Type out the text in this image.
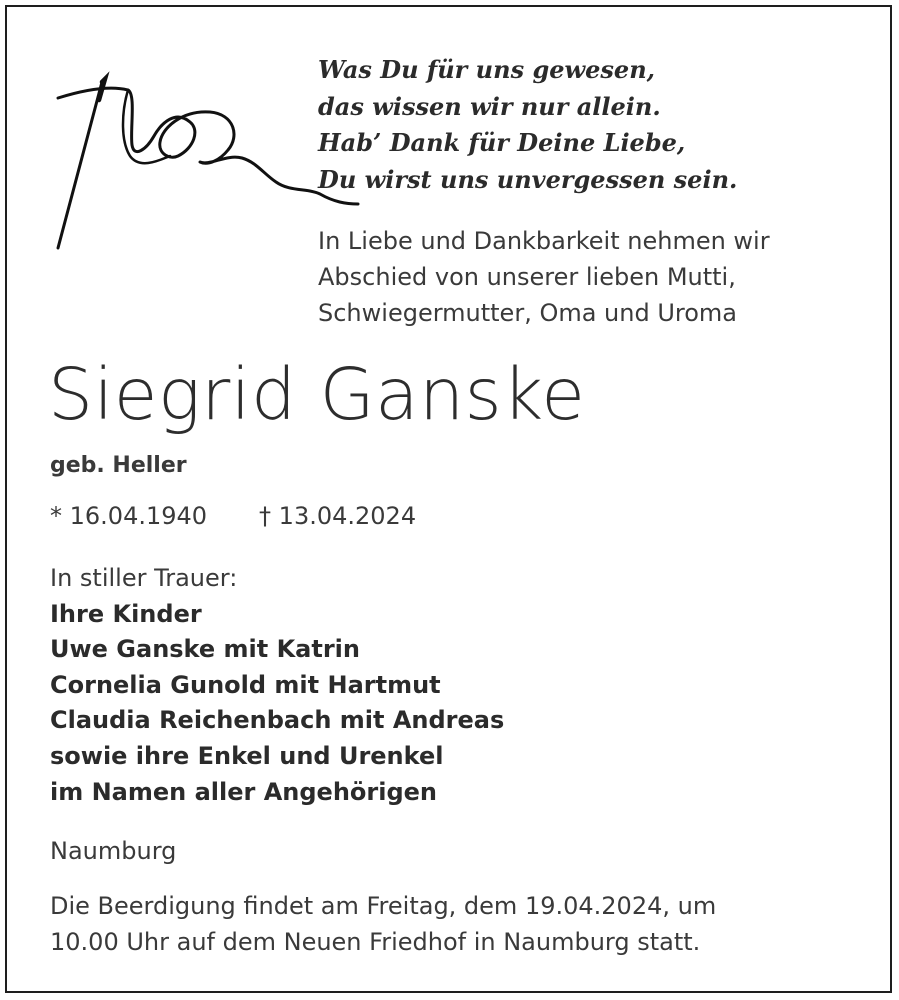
Was Du für uns gewesen,
das wissen wir nur allein.
Hab’ Dank für Deine Liebe,
Du wirst uns unvergessen sein.
In Liebe und Dankbarkeit nehmen wir
Abschied von unserer lieben Mutti,
Schwiegermutter, Oma und Uroma
Siegrid Ganske
geb. Heller
* 16.04.1940 † 13.04.2024
In stiller Trauer:
Ihre Kinder
Uwe Ganske mit Katrin
Cornelia Gunold mit Hartmut
Claudia Reichenbach mit Andreas
sowie ihre Enkel und Urenkel
im Namen aller Angehörigen
Naumburg
Die Beerdigung findet am Freitag, dem 19.04.2024, um
10.00 Uhr auf dem Neuen Friedhof in Naumburg statt.
